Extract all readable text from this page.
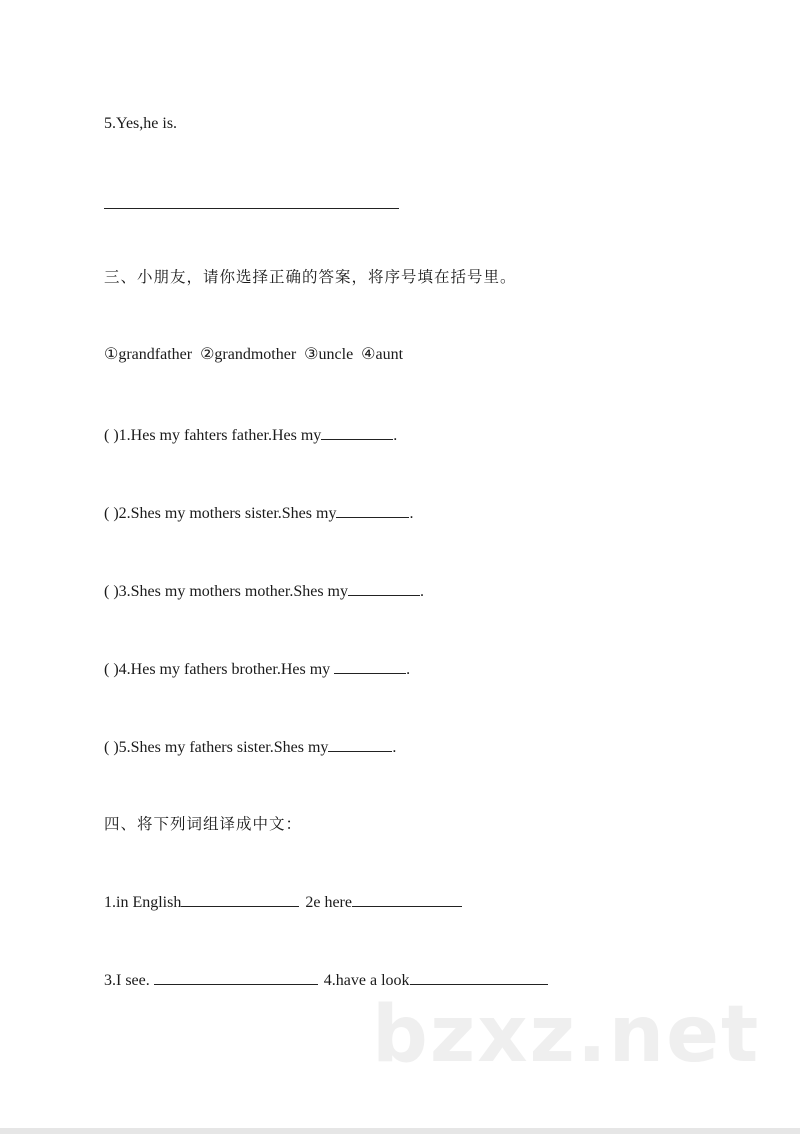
5.Yes,he is.
三、小朋友，请你选择正确的答案，将序号填在括号里。
①grandfather  ②grandmother  ③uncle  ④aunt
( )1.Hes my fahters father.Hes my	.
( )2.Shes my mothers sister.Shes my	.
( )3.Shes my mothers mother.Shes my	.
( )4.Hes my fathers brother.Hes my	.
( )5.Shes my fathers sister.Shes my	.
四、将下列词组译成中文：
1.in English	2e here
3.I see.	4.have a look
bzxz.net
